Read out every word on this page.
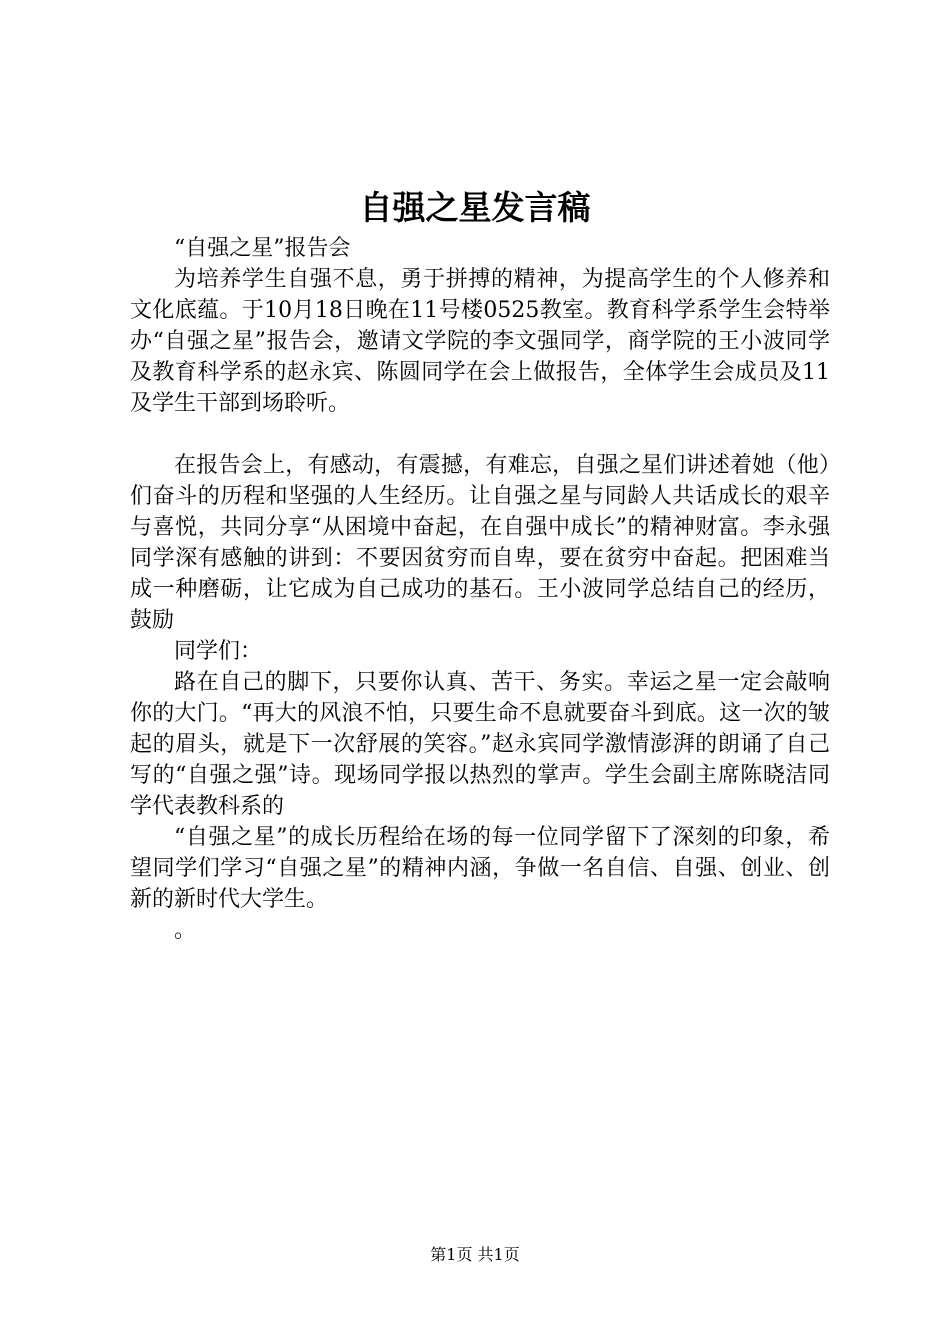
自强之星发言稿

“自强之星”报告会

为培养学生自强不息，勇于拼搏的精神，为提高学生的个人修养和文化底蕴。于10月18日晚在11号楼0525教室。教育科学系学生会特举办“自强之星”报告会，邀请文学院的李文强同学，商学院的王小波同学及教育科学系的赵永宾、陈圆同学在会上做报告，全体学生会成员及11及学生干部到场聆听。

在报告会上，有感动，有震撼，有难忘，自强之星们讲述着她（他）们奋斗的历程和坚强的人生经历。让自强之星与同龄人共话成长的艰辛与喜悦，共同分享“从困境中奋起，在自强中成长”的精神财富。李永强同学深有感触的讲到：不要因贫穷而自卑，要在贫穷中奋起。把困难当成一种磨砺，让它成为自己成功的基石。王小波同学总结自己的经历，鼓励

同学们：

路在自己的脚下，只要你认真、苦干、务实。幸运之星一定会敲响你的大门。“再大的风浪不怕，只要生命不息就要奋斗到底。这一次的皱起的眉头，就是下一次舒展的笑容。”赵永宾同学激情澎湃的朗诵了自己写的“自强之强”诗。现场同学报以热烈的掌声。学生会副主席陈晓洁同学代表教科系的

“自强之星”的成长历程给在场的每一位同学留下了深刻的印象，希望同学们学习“自强之星”的精神内涵，争做一名自信、自强、创业、创新的新时代大学生。

。

第1页 共1页
